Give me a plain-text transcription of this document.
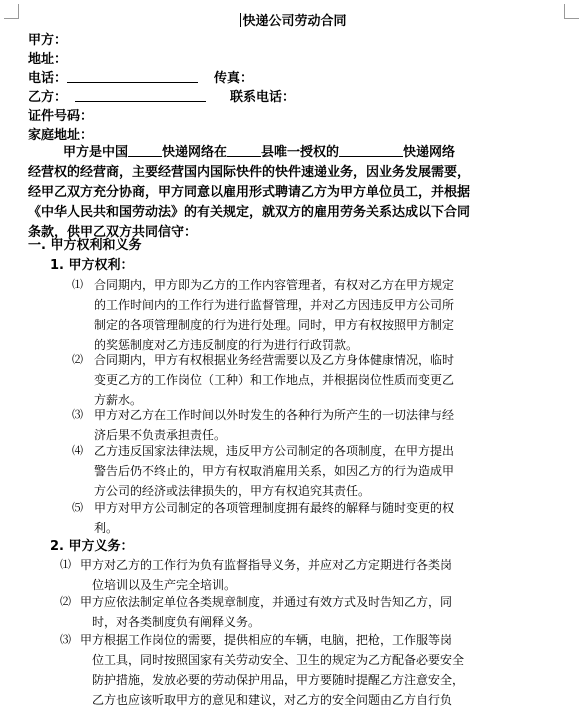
快递公司劳动合同
甲方：
地址：
电话：	传真：
乙方：	联系电话：
证件号码：
家庭地址：
甲方是中国	快递网络在	县唯一授权的	快递网络
经营权的经营商，主要经营国内国际快件的快件速递业务，因业务发展需要，
经甲乙双方充分协商，甲方同意以雇用形式聘请乙方为甲方单位员工，并根据
《中华人民共和国劳动法》的有关规定，就双方的雇用劳务关系达成以下合同
条款，供甲乙双方共同信守：
一. 甲方权利和义务
1. 甲方权利：
⑴ 合同期内，甲方即为乙方的工作内容管理者，有权对乙方在甲方规定
的工作时间内的工作行为进行监督管理，并对乙方因违反甲方公司所
制定的各项管理制度的行为进行处理。同时，甲方有权按照甲方制定
的奖惩制度对乙方违反制度的行为进行行政罚款。
⑵ 合同期内，甲方有权根据业务经营需要以及乙方身体健康情况，临时
变更乙方的工作岗位（工种）和工作地点，并根据岗位性质而变更乙
方薪水。
⑶ 甲方对乙方在工作时间以外时发生的各种行为所产生的一切法律与经
济后果不负责承担责任。
⑷ 乙方违反国家法律法规，违反甲方公司制定的各项制度，在甲方提出
警告后仍不终止的，甲方有权取消雇用关系，如因乙方的行为造成甲
方公司的经济或法律损失的，甲方有权追究其责任。
⑸ 甲方对甲方公司制定的各项管理制度拥有最终的解释与随时变更的权
利。
2. 甲方义务：
⑴ 甲方对乙方的工作行为负有监督指导义务，并应对乙方定期进行各类岗
位培训以及生产完全培训。
⑵ 甲方应依法制定单位各类规章制度，并通过有效方式及时告知乙方，同
时，对各类制度负有阐释义务。
⑶ 甲方根据工作岗位的需要，提供相应的车辆，电脑，把枪，工作服等岗
位工具，同时按照国家有关劳动安全、卫生的规定为乙方配备必要安全
防护措施，发放必要的劳动保护用品，甲方要随时提醒乙方注意安全，
乙方也应该听取甲方的意见和建议，对乙方的安全问题由乙方自行负
